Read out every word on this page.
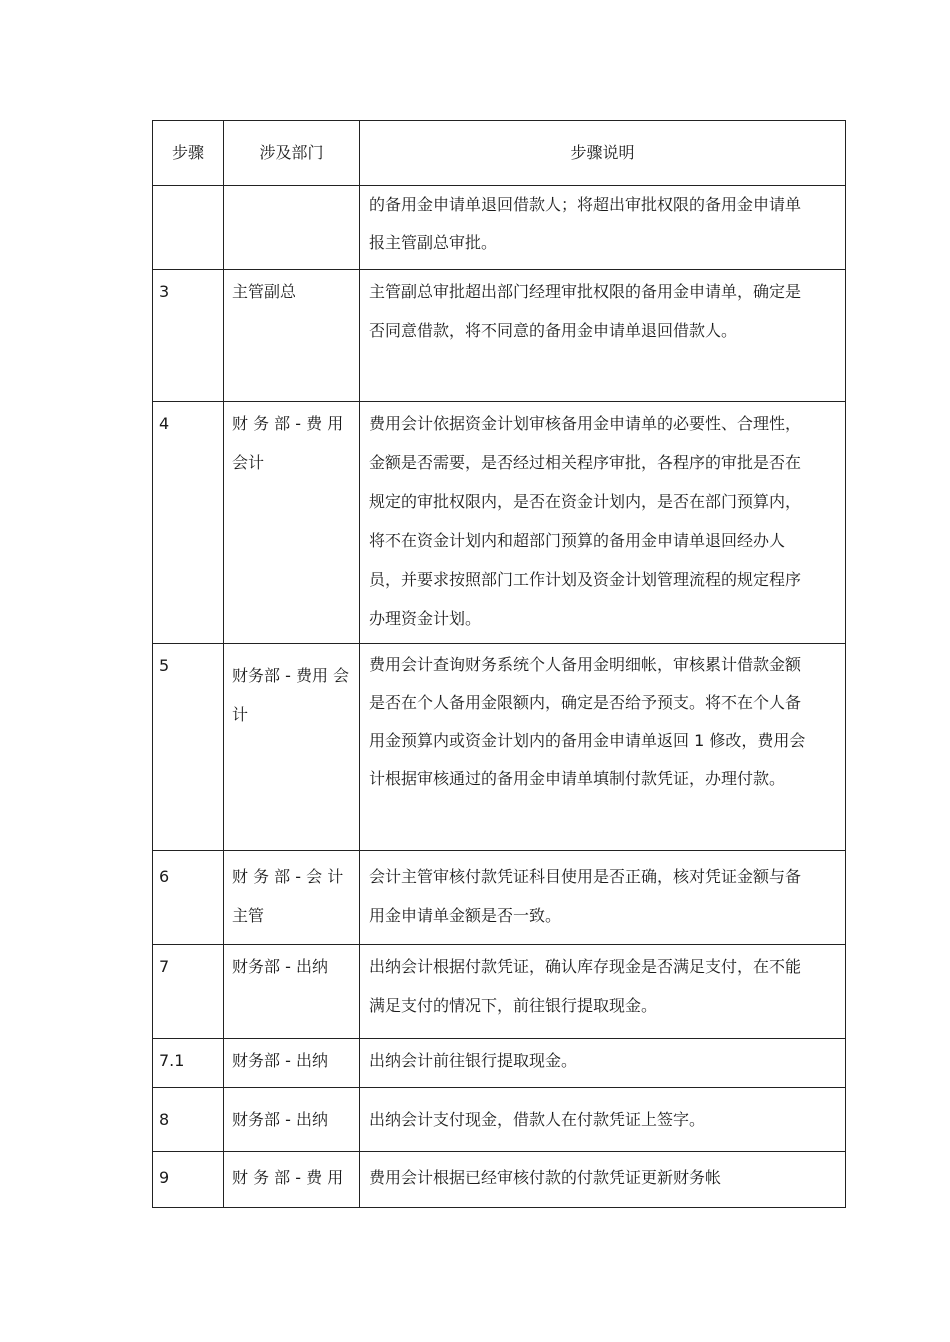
步骤	涉及部门	步骤说明
		的备用金申请单退回借款人；将超出审批权限的备用金申请单报主管副总审批。
3	主管副总	主管副总审批超出部门经理审批权限的备用金申请单，确定是否同意借款，将不同意的备用金申请单退回借款人。
4	财 务 部 - 费 用 会计	费用会计依据资金计划审核备用金申请单的必要性、合理性，金额是否需要，是否经过相关程序审批，各程序的审批是否在规定的审批权限内，是否在资金计划内，是否在部门预算内，将不在资金计划内和超部门预算的备用金申请单退回经办人员，并要求按照部门工作计划及资金计划管理流程的规定程序办理资金计划。
5	财务部 - 费用 会计	费用会计查询财务系统个人备用金明细帐，审核累计借款金额是否在个人备用金限额内，确定是否给予预支。将不在个人备用金预算内或资金计划内的备用金申请单返回 1 修改，费用会计根据审核通过的备用金申请单填制付款凭证，办理付款。
6	财 务 部 - 会 计 主管	会计主管审核付款凭证科目使用是否正确，核对凭证金额与备用金申请单金额是否一致。
7	财务部 - 出纳	出纳会计根据付款凭证，确认库存现金是否满足支付，在不能满足支付的情况下，前往银行提取现金。
7.1	财务部 - 出纳	出纳会计前往银行提取现金。
8	财务部 - 出纳	出纳会计支付现金，借款人在付款凭证上签字。
9	财 务 部 - 费 用	费用会计根据已经审核付款的付款凭证更新财务帐
